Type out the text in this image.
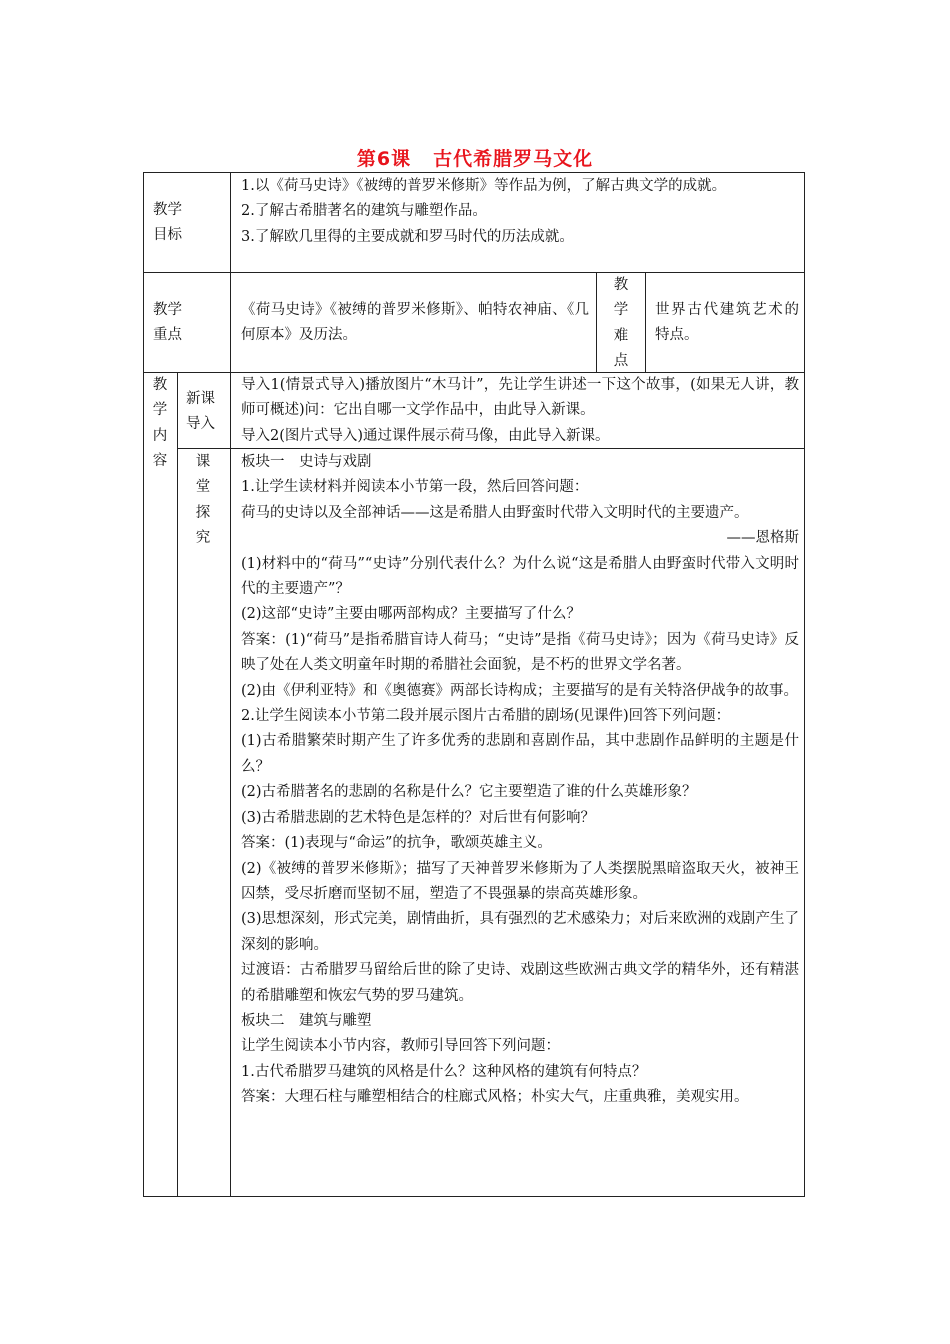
第6课 古代希腊罗马文化
教学
目标

1.以《荷马史诗》《被缚的普罗米修斯》等作品为例，了解古典文学的成就。

2.了解古希腊著名的建筑与雕塑作品。

3.了解欧几里得的主要成就和罗马时代的历法成就。

教学
重点

《荷马史诗》《被缚的普罗米修斯》、帕特农神庙、《几何原本》及历法。

教
学
难
点

世界古代建筑艺术的特点。

教
学
内
容
新课
导入

导入1(情景式导入)播放图片“木马计”，先让学生讲述一下这个故事，(如果无人讲，教师可概述)问：它出自哪一文学作品中，由此导入新课。

导入2(图片式导入)通过课件展示荷马像，由此导入新课。

课
堂
探
究

板块一　史诗与戏剧

1.让学生读材料并阅读本小节第一段，然后回答问题：

荷马的史诗以及全部神话——这是希腊人由野蛮时代带入文明时代的主要遗产。

——恩格斯

(1)材料中的“荷马”“史诗”分别代表什么？为什么说“这是希腊人由野蛮时代带入文明时代的主要遗产”？

(2)这部“史诗”主要由哪两部构成？主要描写了什么？

答案：(1)“荷马”是指希腊盲诗人荷马；“史诗”是指《荷马史诗》；因为《荷马史诗》反映了处在人类文明童年时期的希腊社会面貌，是不朽的世界文学名著。

(2)由《伊利亚特》和《奥德赛》两部长诗构成；主要描写的是有关特洛伊战争的故事。

2.让学生阅读本小节第二段并展示图片古希腊的剧场(见课件)回答下列问题：

(1)古希腊繁荣时期产生了许多优秀的悲剧和喜剧作品，其中悲剧作品鲜明的主题是什么？

(2)古希腊著名的悲剧的名称是什么？它主要塑造了谁的什么英雄形象？

(3)古希腊悲剧的艺术特色是怎样的？对后世有何影响？

答案：(1)表现与“命运”的抗争，歌颂英雄主义。

(2)《被缚的普罗米修斯》；描写了天神普罗米修斯为了人类摆脱黑暗盗取天火，被神王囚禁，受尽折磨而坚韧不屈，塑造了不畏强暴的崇高英雄形象。

(3)思想深刻，形式完美，剧情曲折，具有强烈的艺术感染力；对后来欧洲的戏剧产生了深刻的影响。

过渡语：古希腊罗马留给后世的除了史诗、戏剧这些欧洲古典文学的精华外，还有精湛的希腊雕塑和恢宏气势的罗马建筑。

板块二　建筑与雕塑

让学生阅读本小节内容，教师引导回答下列问题：

1.古代希腊罗马建筑的风格是什么？这种风格的建筑有何特点？

答案：大理石柱与雕塑相结合的柱廊式风格；朴实大气，庄重典雅，美观实用。
